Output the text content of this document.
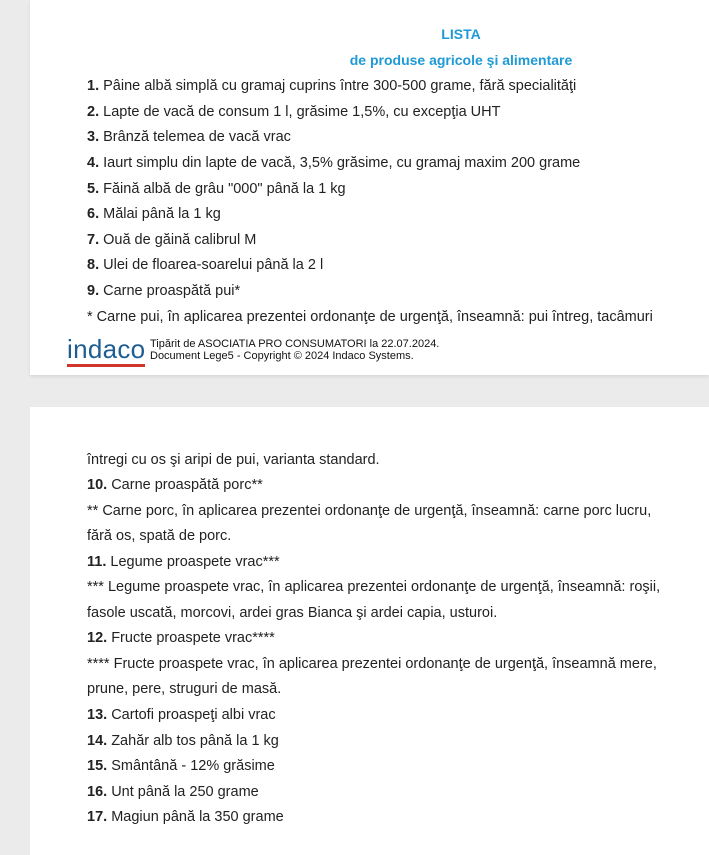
LISTA
de produse agricole şi alimentare
1. Pâine albă simplă cu gramaj cuprins între 300-500 grame, fără specialităţi
2. Lapte de vacă de consum 1 l, grăsime 1,5%, cu excepţia UHT
3. Brânză telemea de vacă vrac
4. Iaurt simplu din lapte de vacă, 3,5% grăsime, cu gramaj maxim 200 grame
5. Făină albă de grâu "000" până la 1 kg
6. Mălai până la 1 kg
7. Ouă de găină calibrul M
8. Ulei de floarea-soarelui până la 2 l
9. Carne proaspătă pui*
* Carne pui, în aplicarea prezentei ordonanţe de urgenţă, înseamnă: pui întreg, tacâmuri
indaco Tipărit de ASOCIATIA PRO CONSUMATORI la 22.07.2024.
Document Lege5 - Copyright © 2024 Indaco Systems.
întregi cu os şi aripi de pui, varianta standard.
10. Carne proaspătă porc**
** Carne porc, în aplicarea prezentei ordonanţe de urgenţă, înseamnă: carne porc lucru,
fără os, spată de porc.
11. Legume proaspete vrac***
*** Legume proaspete vrac, în aplicarea prezentei ordonanţe de urgenţă, înseamnă: roşii,
fasole uscată, morcovi, ardei gras Bianca şi ardei capia, usturoi.
12. Fructe proaspete vrac****
**** Fructe proaspete vrac, în aplicarea prezentei ordonanţe de urgenţă, înseamnă mere,
prune, pere, struguri de masă.
13. Cartofi proaspeţi albi vrac
14. Zahăr alb tos până la 1 kg
15. Smântână - 12% grăsime
16. Unt până la 250 grame
17. Magiun până la 350 grame
